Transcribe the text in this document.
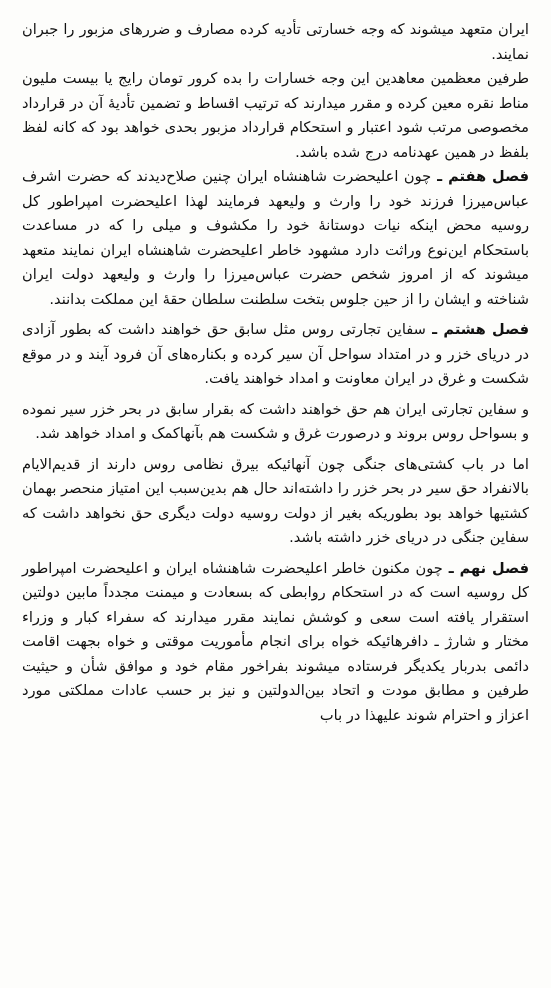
ایران متعهد میشوند که وجه خسارتی تأدیه کرده مصارف و ضررهای مزبور را جبران نمایند.

طرفین معظمین معاهدین این وجه خسارات را بده کرور تومان رایج یا بیست ملیون مناط نقره معین کرده و مقرر میدارند که ترتیب اقساط و تضمین تأدیهٔ آن در قرارداد مخصوصی مرتب شود اعتبار و استحکام قرارداد مزبور بحدی خواهد بود که کانه لفظ بلفظ در همین عهدنامه درج شده باشد.

فصل هفتم ـ چون اعلیحضرت شاهنشاه ایران چنین صلاح‌دیدند که حضرت اشرف عباس‌میرزا فرزند خود را وارث و ولیعهد فرمایند لهذا اعلیحضرت امپراطور کل روسیه محض اینکه نیات دوستانهٔ خود را مکشوف و میلی را که در مساعدت باستحکام این‌نوع وراثت دارد مشهود خاطر اعلیحضرت شاهنشاه ایران نمایند متعهد میشوند که از امروز شخص حضرت عباس‌میرزا را وارث و ولیعهد دولت ایران شناخته و ایشان را از حین جلوس بتخت سلطنت سلطان حقهٔ این مملکت بدانند.

فصل هشتم ـ سفاین تجارتی روس مثل سابق حق خواهند داشت که بطور آزادی در دریای خزر و در امتداد سواحل آن سیر کرده و بکناره‌های آن فرود آیند و در موقع شکست و غرق در ایران معاونت و امداد خواهند یافت.

و سفاین تجارتی ایران هم حق خواهند داشت که بقرار سابق در بحر خزر سیر نموده و بسواحل روس بروند و درصورت غرق و شکست هم بآنهاکمک و امداد خواهد شد.

اما در باب کشتی‌های جنگی چون آنهائیکه بیرق نظامی روس دارند از قدیم‌الایام بالانفراد حق سیر در بحر خزر را داشته‌اند حال هم بدین‌سبب این امتیاز منحصر بهمان کشتیها خواهد بود بطوریکه بغیر از دولت روسیه دولت دیگری حق نخواهد داشت که سفاین جنگی در دریای خزر داشته باشد.

فصل نهم ـ چون مکنون خاطر اعلیحضرت شاهنشاه ایران و اعلیحضرت امپراطور کل روسیه است که در استحکام روابطی که بسعادت و میمنت مجدداً مابین دولتین استقرار یافته است سعی و کوشش نمایند مقرر میدارند که سفراء کبار و وزراء مختار و شارژ ـ دافرهائیکه خواه برای انجام مأموریت موقتی و خواه بجهت اقامت دائمی بدربار یکدیگر فرستاده میشوند بفراخور مقام خود و موافق شأن و حیثیت طرفین و مطابق مودت و اتحاد بین‌الدولتین و نیز بر حسب عادات مملکتی مورد اعزاز و احترام شوند علیهذا در باب
